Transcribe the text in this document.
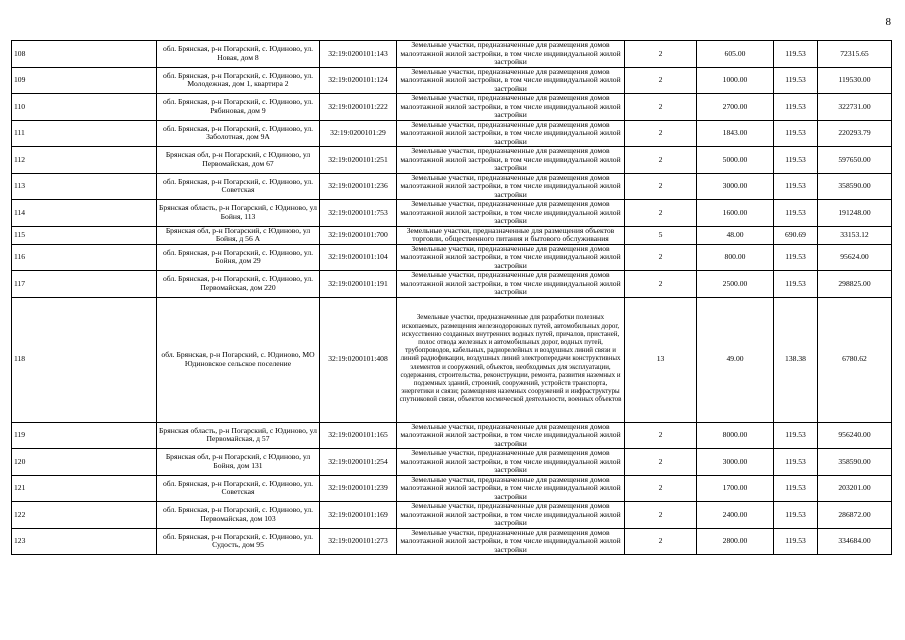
8
108	обл. Брянская, р-н Погарский, с. Юдиново, ул. Новая, дом 8	32:19:0200101:143	Земельные участки, предназначенные для размещения домов малоэтажной жилой застройки, в том числе индивидуальной жилой застройки	2	605.00	119.53	72315.65
109	обл. Брянская, р-н Погарский, с. Юдиново, ул. Молодежная, дом 1, квартира 2	32:19:0200101:124	Земельные участки, предназначенные для размещения домов малоэтажной жилой застройки, в том числе индивидуальной жилой застройки	2	1000.00	119.53	119530.00
110	обл. Брянская, р-н Погарский, с. Юдиново, ул. Рябиновая, дом 9	32:19:0200101:222	Земельные участки, предназначенные для размещения домов малоэтажной жилой застройки, в том числе индивидуальной жилой застройки	2	2700.00	119.53	322731.00
111	обл. Брянская, р-н Погарский, с. Юдиново, ул. Заболотная, дом 9А	32:19:0200101:29	Земельные участки, предназначенные для размещения домов малоэтажной жилой застройки, в том числе индивидуальной жилой застройки	2	1843.00	119.53	220293.79
112	Брянская обл, р-н Погарский, с Юдиново, ул Первомайская, дом 67	32:19:0200101:251	Земельные участки, предназначенные для размещения домов малоэтажной жилой застройки, в том числе индивидуальной жилой застройки	2	5000.00	119.53	597650.00
113	обл. Брянская, р-н Погарский, с. Юдиново, ул. Советская	32:19:0200101:236	Земельные участки, предназначенные для размещения домов малоэтажной жилой застройки, в том числе индивидуальной жилой застройки	2	3000.00	119.53	358590.00
114	Брянская область, р-н Погарский, с Юдиново, ул Бойня, 113	32:19:0200101:753	Земельные участки, предназначенные для размещения домов малоэтажной жилой застройки, в том числе индивидуальной жилой застройки	2	1600.00	119.53	191248.00
115	Брянская обл, р-н Погарский, с Юдиново, ул Бойня, д 56 А	32:19:0200101:700	Земельные участки, предназначенные для размещения объектов торговли, общественного питания и бытового обслуживания	5	48.00	690.69	33153.12
116	обл. Брянская, р-н Погарский, с. Юдиново, ул. Бойня, дом 29	32:19:0200101:104	Земельные участки, предназначенные для размещения домов малоэтажной жилой застройки, в том числе индивидуальной жилой застройки	2	800.00	119.53	95624.00
117	обл. Брянская, р-н Погарский, с. Юдиново, ул. Первомайская, дом 220	32:19:0200101:191	Земельные участки, предназначенные для размещения домов малоэтажной жилой застройки, в том числе индивидуальной жилой застройки	2	2500.00	119.53	298825.00
118	обл. Брянская, р-н Погарский, с. Юдиново, МО Юдиновское сельское поселение	32:19:0200101:408	Земельные участки, предназначенные для разработки полезных ископаемых, размещения железнодорожных путей, автомобильных дорог, искусственно созданных внутренних водных путей, причалов, пристаней, полос отвода железных и автомобильных дорог, водных путей, трубопроводов, кабельных, радиорелейных и воздушных линий связи и линий радиофикации, воздушных линий электропередачи конструктивных элементов и сооружений, объектов, необходимых для эксплуатации, содержания, строительства, реконструкции, ремонта, развития наземных и подземных зданий, строений, сооружений, устройств транспорта, энергетики и связи; размещения наземных сооружений и инфраструктуры спутниковой связи, объектов космической деятельности, военных объектов	13	49.00	138.38	6780.62
119	Брянская область, р-н Погарский, с Юдиново, ул Первомайская, д 57	32:19:0200101:165	Земельные участки, предназначенные для размещения домов малоэтажной жилой застройки, в том числе индивидуальной жилой застройки	2	8000.00	119.53	956240.00
120	Брянская обл, р-н Погарский, с Юдиново, ул Бойня, дом 131	32:19:0200101:254	Земельные участки, предназначенные для размещения домов малоэтажной жилой застройки, в том числе индивидуальной жилой застройки	2	3000.00	119.53	358590.00
121	обл. Брянская, р-н Погарский, с. Юдиново, ул. Советская	32:19:0200101:239	Земельные участки, предназначенные для размещения домов малоэтажной жилой застройки, в том числе индивидуальной жилой застройки	2	1700.00	119.53	203201.00
122	обл. Брянская, р-н Погарский, с. Юдиново, ул. Первомайская, дом 103	32:19:0200101:169	Земельные участки, предназначенные для размещения домов малоэтажной жилой застройки, в том числе индивидуальной жилой застройки	2	2400.00	119.53	286872.00
123	обл. Брянская, р-н Погарский, с. Юдиново, ул. Судость, дом 95	32:19:0200101:273	Земельные участки, предназначенные для размещения домов малоэтажной жилой застройки, в том числе индивидуальной жилой застройки	2	2800.00	119.53	334684.00
